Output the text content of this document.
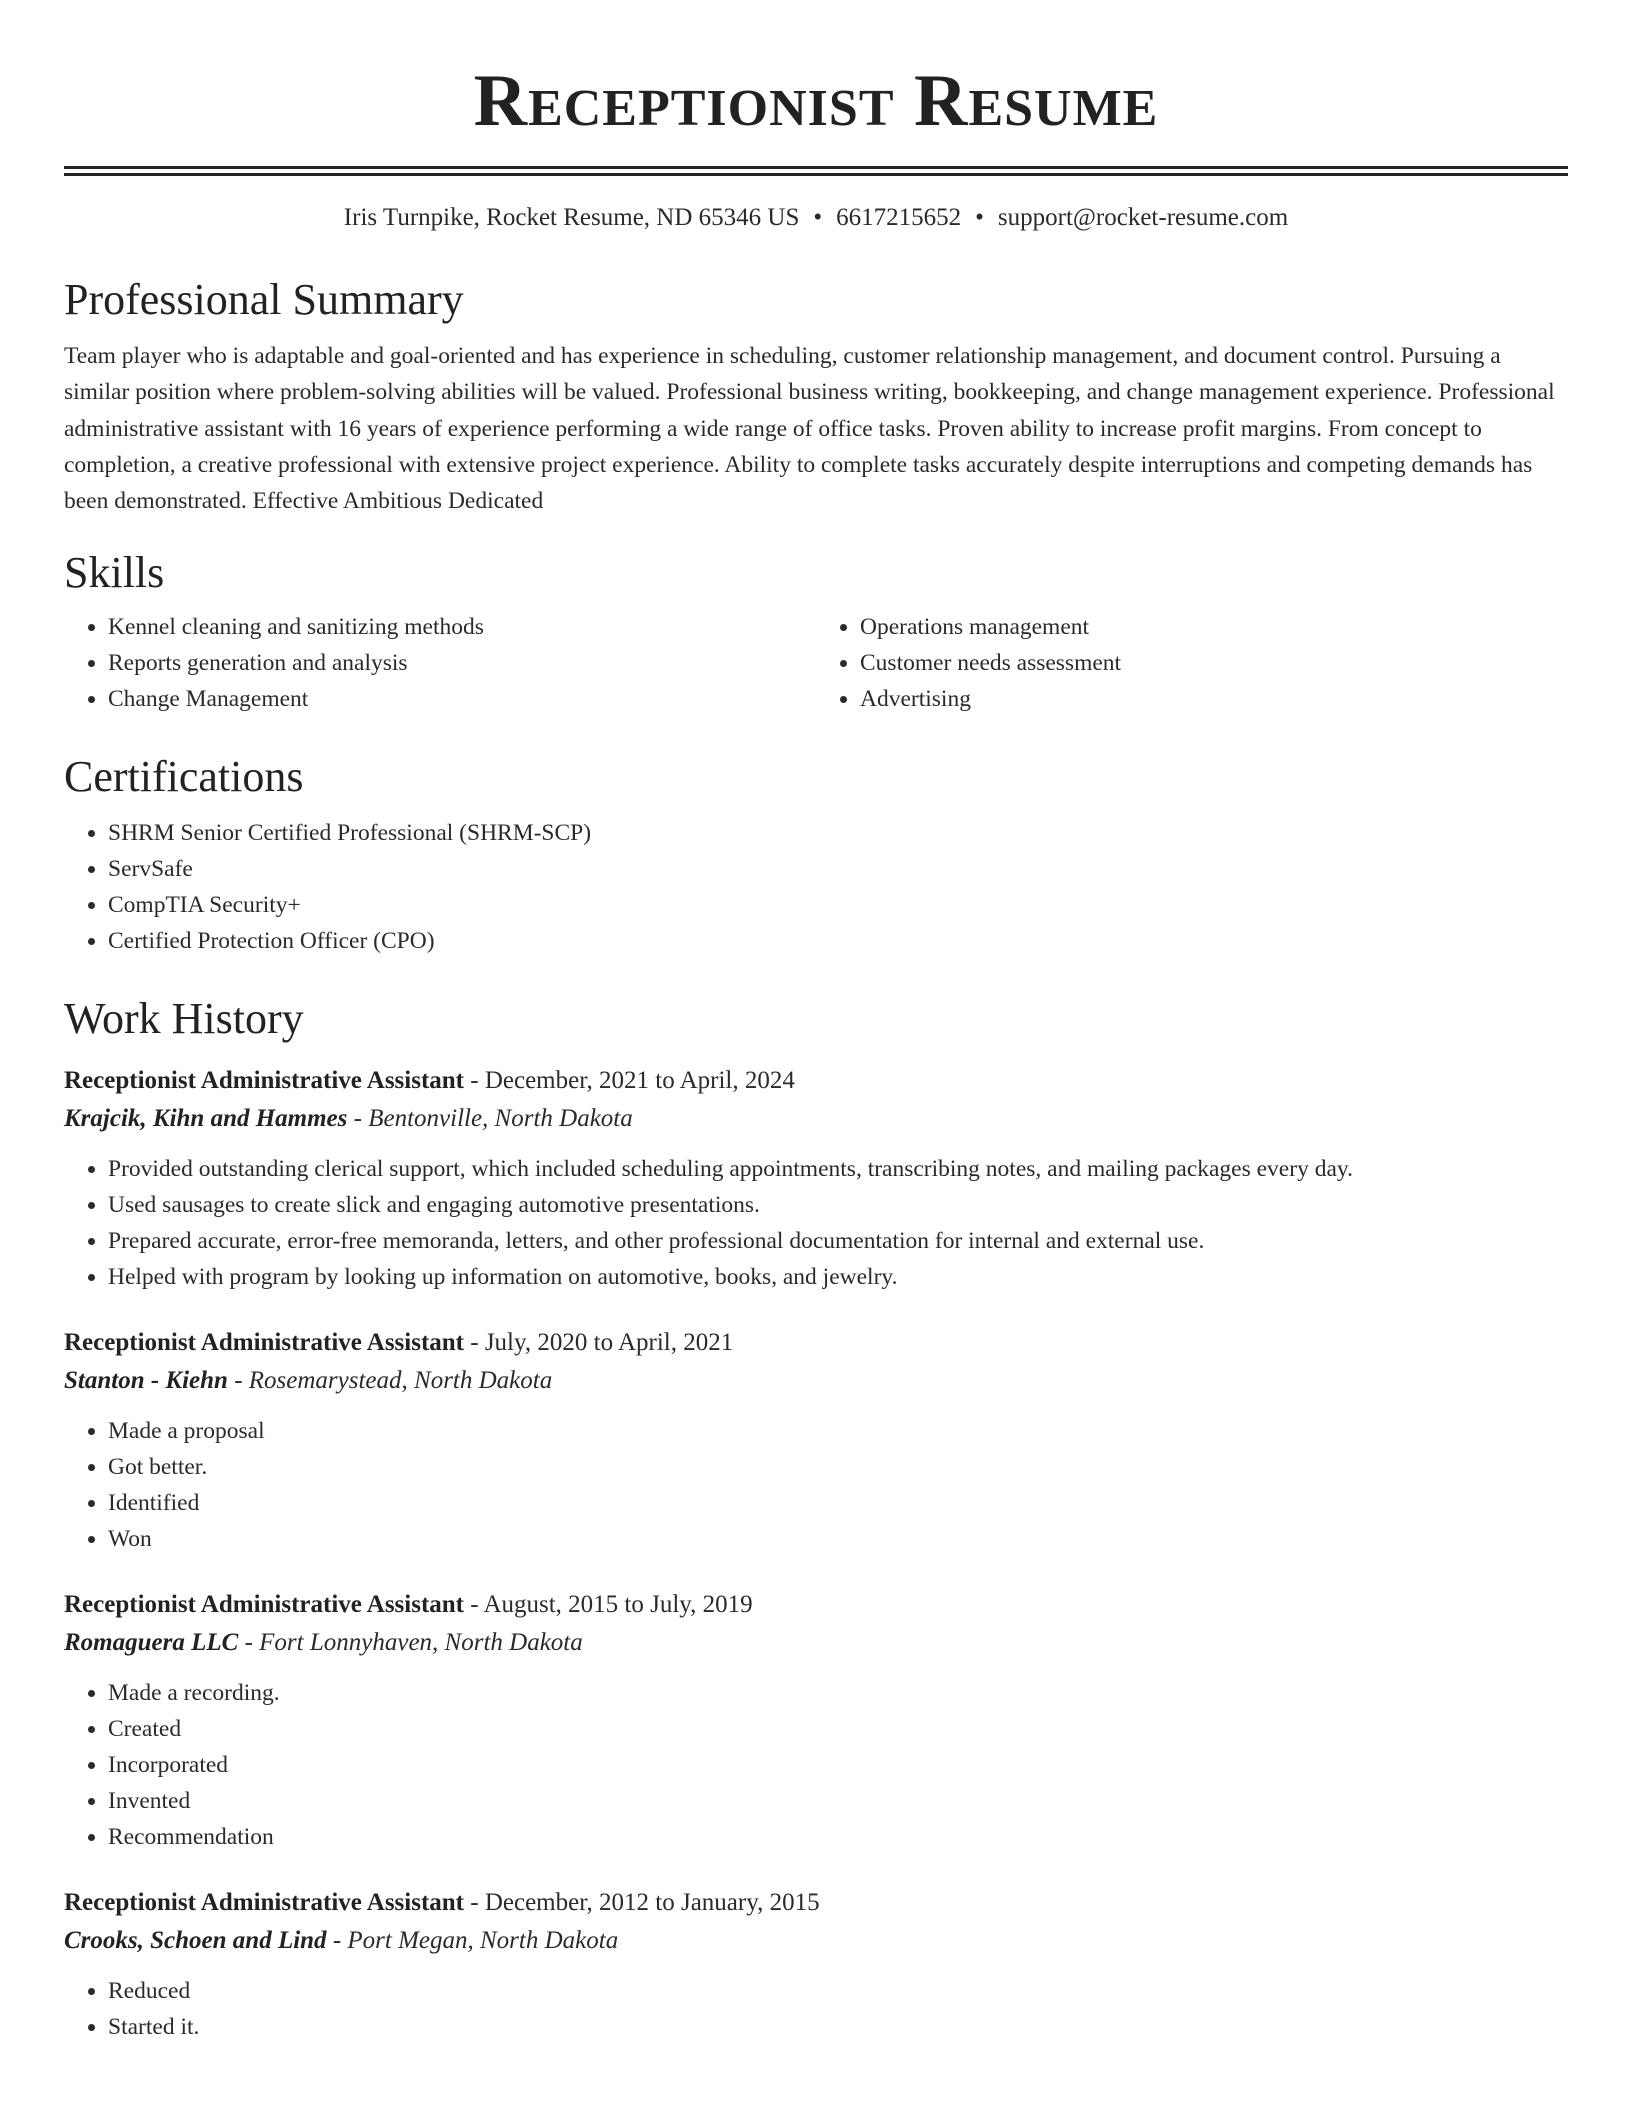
Receptionist Resume
Iris Turnpike, Rocket Resume, ND 65346 US • 6617215652 • support@rocket-resume.com
Professional Summary

Team player who is adaptable and goal-oriented and has experience in scheduling, customer relationship management, and document control. Pursuing a similar position where problem-solving abilities will be valued. Professional business writing, bookkeeping, and change management experience. Professional administrative assistant with 16 years of experience performing a wide range of office tasks. Proven ability to increase profit margins. From concept to completion, a creative professional with extensive project experience. Ability to complete tasks accurately despite interruptions and competing demands has been demonstrated. Effective Ambitious Dedicated

Skills
• Kennel cleaning and sanitizing methods
• Reports generation and analysis
• Change Management
• Operations management
• Customer needs assessment
• Advertising
Certifications
• SHRM Senior Certified Professional (SHRM-SCP)
• ServSafe
• CompTIA Security+
• Certified Protection Officer (CPO)
Work History
Receptionist Administrative Assistant - December, 2021 to April, 2024
Krajcik, Kihn and Hammes - Bentonville, North Dakota
• Provided outstanding clerical support, which included scheduling appointments, transcribing notes, and mailing packages every day.
• Used sausages to create slick and engaging automotive presentations.
• Prepared accurate, error-free memoranda, letters, and other professional documentation for internal and external use.
• Helped with program by looking up information on automotive, books, and jewelry.
Receptionist Administrative Assistant - July, 2020 to April, 2021
Stanton - Kiehn - Rosemarystead, North Dakota
• Made a proposal
• Got better.
• Identified
• Won
Receptionist Administrative Assistant - August, 2015 to July, 2019
Romaguera LLC - Fort Lonnyhaven, North Dakota
• Made a recording.
• Created
• Incorporated
• Invented
• Recommendation
Receptionist Administrative Assistant - December, 2012 to January, 2015
Crooks, Schoen and Lind - Port Megan, North Dakota
• Reduced
• Started it.
